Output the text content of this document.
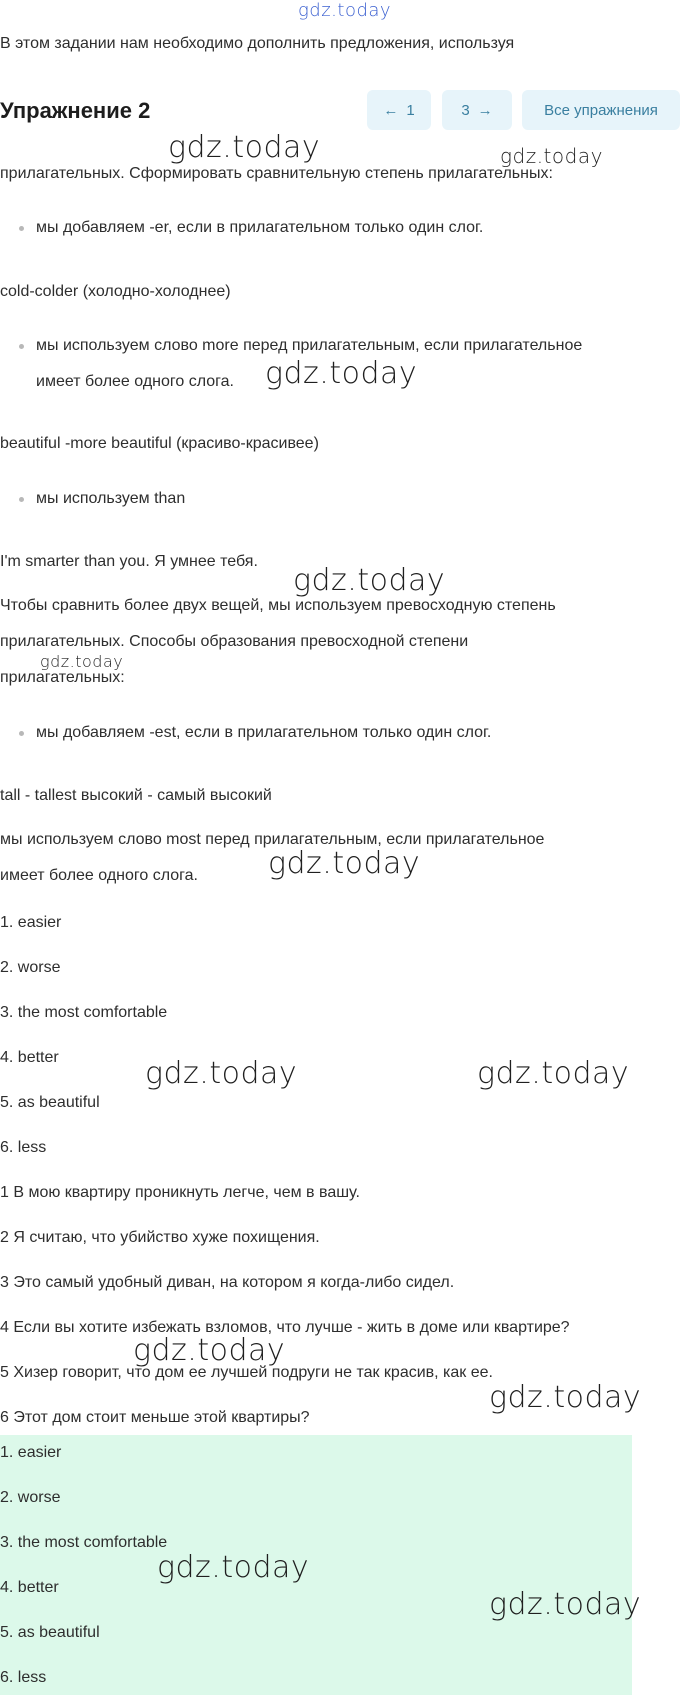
gdz.today
В этом задании нам необходимо дополнить предложения, используя
Упражнение 2	← 1	3 →	Все упражнения
gdz.today	gdz.today
прилагательных. Сформировать сравнительную степень прилагательных:
мы добавляем -er, если в прилагательном только один слог.
cold-colder (холодно-холоднее)
мы используем слово more перед прилагательным, если прилагательное
имеет более одного слога. gdz.today
beautiful -more beautiful (красиво-красивее)
мы используем than
I'm smarter than you. Я умнее тебя.
gdz.today
Чтобы сравнить более двух вещей, мы используем превосходную степень
прилагательных. Способы образования превосходной степени
gdz.today
прилагательных:
мы добавляем -est, если в прилагательном только один слог.
tall - tallest высокий - самый высокий
мы используем слово most перед прилагательным, если прилагательное
имеет более одного слога. gdz.today
1. easier
2. worse
3. the most comfortable
4. better	gdz.today	gdz.today
5. as beautiful
6. less
1 В мою квартиру проникнуть легче, чем в вашу.
2 Я считаю, что убийство хуже похищения.
3 Это самый удобный диван, на котором я когда-либо сидел.
4 Если вы хотите избежать взломов, что лучше - жить в доме или квартире?
gdz.today
5 Хизер говорит, что дом ее лучшей подруги не так красив, как ее.
gdz.today
6 Этот дом стоит меньше этой квартиры?
1. easier
2. worse
3. the most comfortable
gdz.today
4. better	gdz.today
5. as beautiful
6. less
